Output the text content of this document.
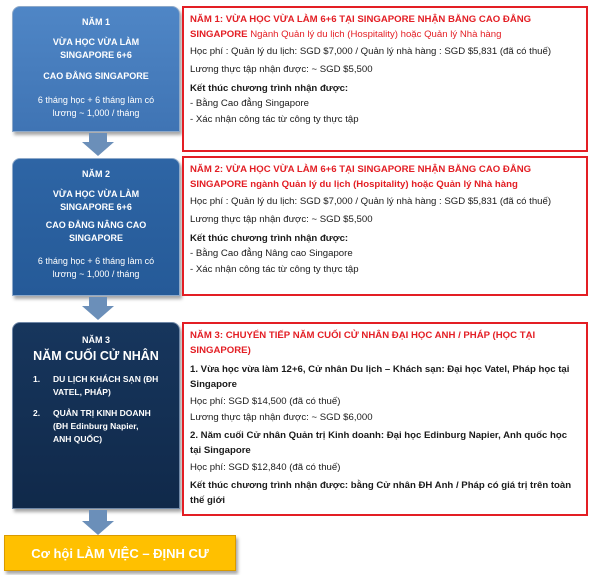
NĂM 1
VỪA HỌC VỪA LÀM
SINGAPORE 6+6
CAO ĐẲNG SINGAPORE
6 tháng học + 6 tháng làm có
lương ~ 1,000 / tháng
NĂM 2
VỪA HỌC VỪA LÀM
SINGAPORE 6+6
CAO ĐẲNG NÂNG CAO
SINGAPORE
6 tháng học + 6 tháng làm có
lương ~ 1,000 / tháng
NĂM 3
NĂM CUỐI CỬ NHÂN
1.	DU LỊCH KHÁCH SẠN (ĐH
VATEL, PHÁP)
2.	QUẢN TRỊ KINH DOANH
(ĐH Edinburg Napier,
ANH QUỐC)
NĂM 1: VỪA HỌC VỪA LÀM 6+6 TẠI SINGAPORE NHẬN BẰNG CAO ĐẲNG SINGAPORE Ngành Quản lý du lịch (Hospitality) hoặc Quản lý Nhà hàng
Học phí : Quản lý du lịch: SGD $7,000 / Quản lý nhà hàng : SGD $5,831 (đã có thuế)
Lương thực tập nhận được: ~ SGD $5,500
Kết thúc chương trình nhận được:
- Bằng Cao đẳng Singapore
- Xác nhận công tác từ công ty thực tập
NĂM 2: VỪA HỌC VỪA LÀM 6+6 TẠI SINGAPORE NHẬN BẰNG CAO ĐẲNG SINGAPORE ngành Quản lý du lịch (Hospitality) hoặc Quản lý Nhà hàng
Học phí : Quản lý du lịch: SGD $7,000 / Quản lý nhà hàng : SGD $5,831 (đã có thuế)
Lương thực tập nhận được: ~ SGD $5,500
Kết thúc chương trình nhận được:
- Bằng Cao đẳng Nâng cao Singapore
- Xác nhận công tác từ công ty thực tập
NĂM 3: CHUYỂN TIẾP NĂM CUỐI CỬ NHÂN ĐẠI HỌC ANH / PHÁP (HỌC TẠI SINGAPORE)
1. Vừa học vừa làm 12+6, Cử nhân Du lịch – Khách sạn: Đại học Vatel, Pháp học tại Singapore
Học phí: SGD $14,500 (đã có thuế)
Lương thực tập nhận được: ~ SGD $6,000
2. Năm cuối Cử nhân Quản trị Kinh doanh: Đại học Edinburg Napier, Anh quốc học tại Singapore
Học phí: SGD $12,840 (đã có thuế)
Kết thúc chương trình nhận được: bằng Cử nhân ĐH Anh / Pháp có giá trị trên toàn thế giới
Cơ hội LÀM VIỆC – ĐỊNH CƯ
